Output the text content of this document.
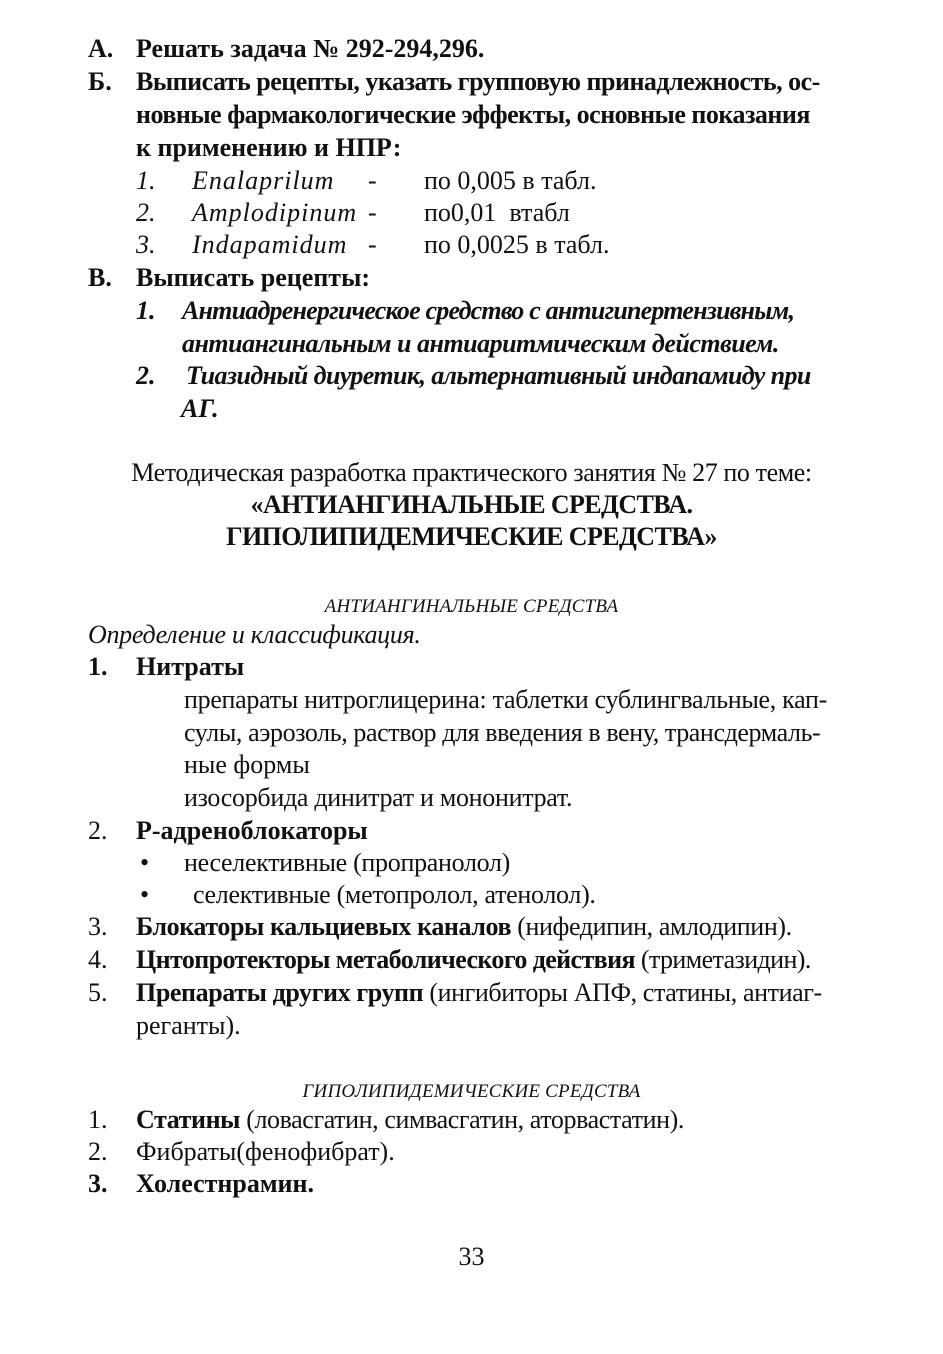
А. Решать задача № 292-294,296.
Б. Выписать рецепты, указать групповую принадлежность, ос-
новные фармакологические эффекты, основные показания
к применению и НПР:
1. Enalaprilum - по 0,005 в табл.
2. Amplodipinum - по0,01  втабл
3. Indapamidum - по 0,0025 в табл.
В. Выписать рецепты:
1. Антиадренергическое средство с антигипертензивным,
антиангинальным и антиаритмическим действием.
2. Тиазидный диуретик, альтернативный индапамиду при
АГ.
Методическая разработка практического занятия № 27 по теме:
«АНТИАНГИНАЛЬНЫЕ СРЕДСТВА.
ГИПОЛИПИДЕМИЧЕСКИЕ СРЕДСТВА»
АНТИАНГИНАЛЬНЫЕ СРЕДСТВА
Определение и классификация.
1. Нитраты
препараты нитроглицерина: таблетки сублингвальные, кап-
сулы, аэрозоль, раствор для введения в вену, трансдермаль-
ные формы
изосорбида динитрат и мононитрат.
2. Р-адреноблокаторы
• неселективные (пропранолол)
• селективные (метопролол, атенолол).
3. Блокаторы кальциевых каналов (нифедипин, амлодипин).
4. Цнтопротекторы метаболического действия (триметазидин).
5. Препараты других групп (ингибиторы АПФ, статины, антиаг-
реганты).
ГИПОЛИПИДЕМИЧЕСКИЕ СРЕДСТВА
1. Статины (ловасгатин, симвасгатин, аторвастатин).
2. Фибраты(фенофибрат).
3. Холестнрамин.
33
